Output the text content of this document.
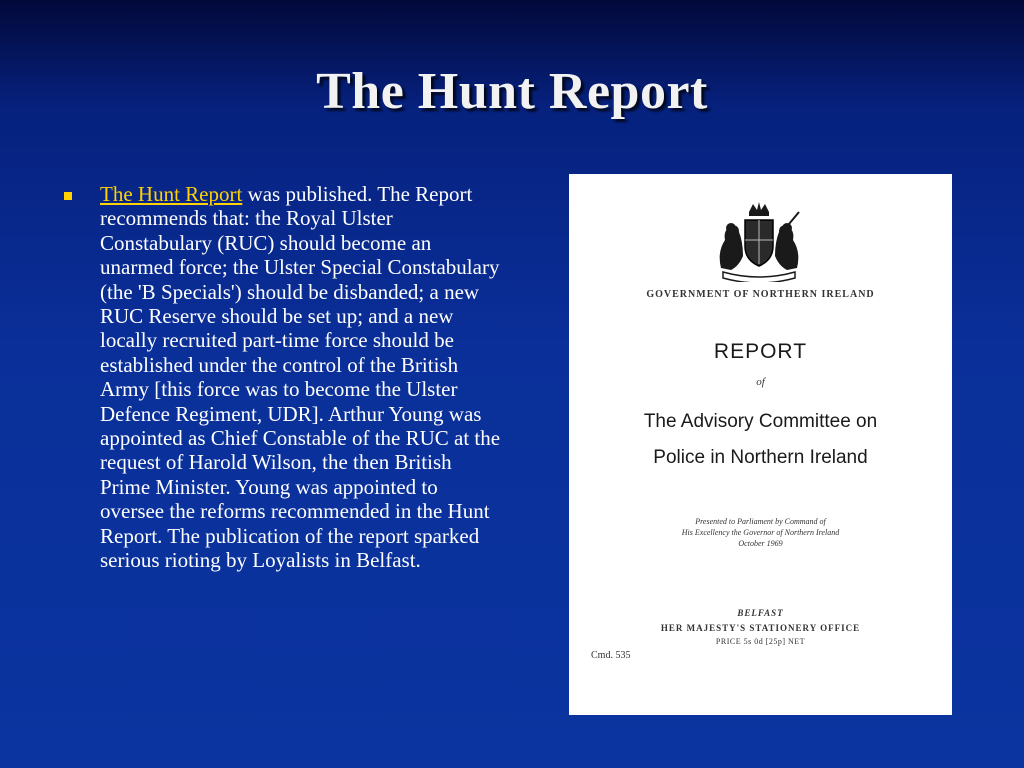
The Hunt Report

The Hunt Report was published. The Report recommends that: the Royal Ulster Constabulary (RUC) should become an unarmed force; the Ulster Special Constabulary (the 'B Specials') should be disbanded; a new RUC Reserve should be set up; and a new locally recruited part-time force should be established under the control of the British Army [this force was to become the Ulster Defence Regiment, UDR]. Arthur Young was appointed as Chief Constable of the RUC at the request of Harold Wilson, the then British Prime Minister. Young was appointed to oversee the reforms recommended in the Hunt Report. The publication of the report sparked serious rioting by Loyalists in Belfast.

GOVERNMENT OF NORTHERN IRELAND
REPORT
of
The Advisory Committee on
Police in Northern Ireland
Presented to Parliament by Command of
His Excellency the Governor of Northern Ireland
October 1969
BELFAST
HER MAJESTY'S STATIONERY OFFICE
PRICE 5s 0d [25p] NET
Cmd. 535
